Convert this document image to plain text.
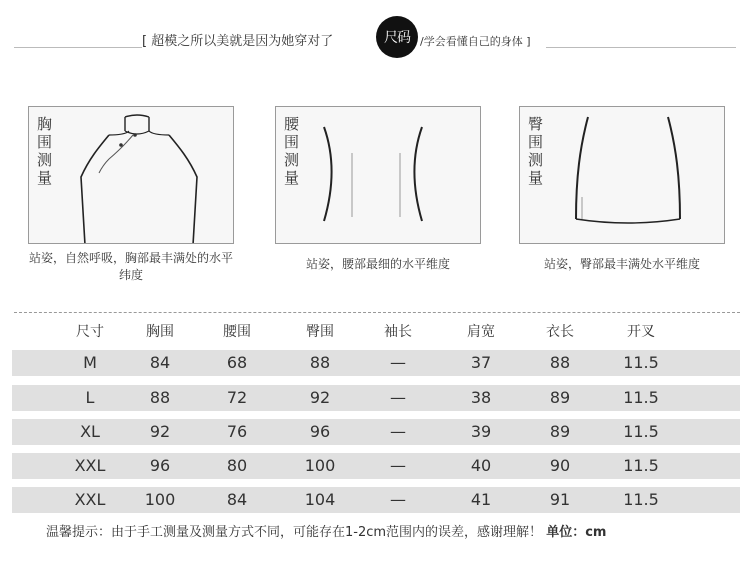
[ 超模之所以美就是因为她穿对了	尺码 /学会看懂自己的身体 ]
胸围测量
站姿，自然呼吸，胸部最丰满处的水平纬度
腰围测量
站姿，腰部最细的水平维度
臀围测量
站姿，臀部最丰满处水平维度
尺寸	胸围	腰围	臀围	袖长	肩宽	衣长	开叉
M	84	68	88	—	37	88	11.5
L	88	72	92	—	38	89	11.5
XL	92	76	96	—	39	89	11.5
XXL	96	80	100	—	40	90	11.5
XXL	100	84	104	—	41	91	11.5
温馨提示：由于手工测量及测量方式不同，可能存在1-2cm范围内的误差，感谢理解！ 单位：cm
